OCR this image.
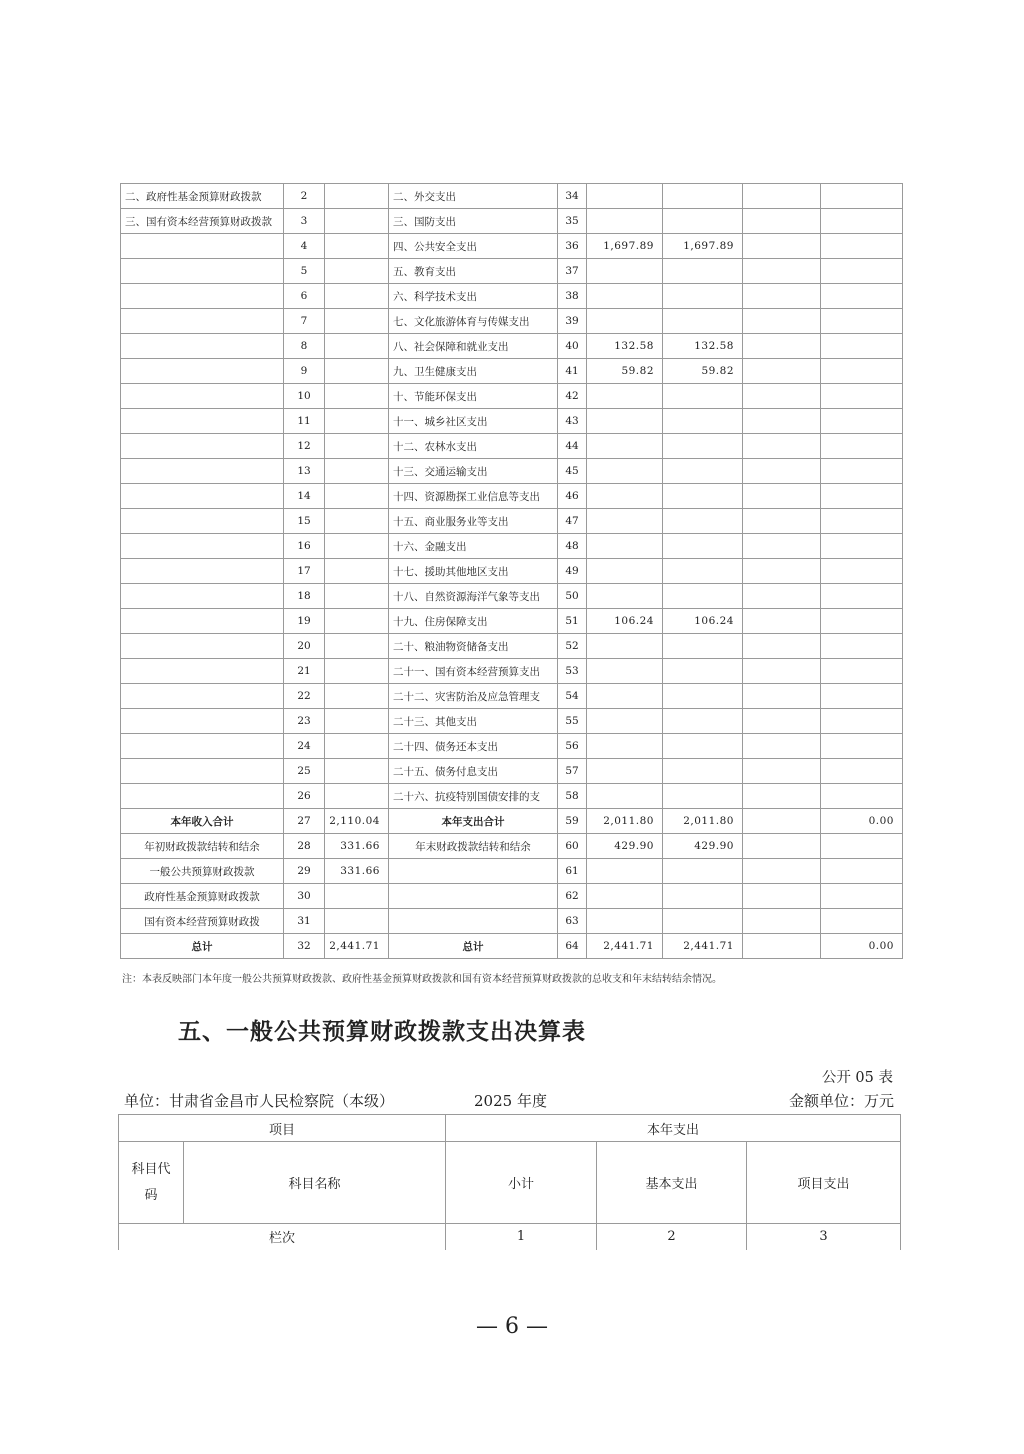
二、政府性基金预算财政拨款	2		二、外交支出	34				
三、国有资本经营预算财政拨款	3		三、国防支出	35				
	4		四、公共安全支出	36	1,697.89	1,697.89		
	5		五、教育支出	37				
	6		六、科学技术支出	38				
	7		七、文化旅游体育与传媒支出	39				
	8		八、社会保障和就业支出	40	132.58	132.58		
	9		九、卫生健康支出	41	59.82	59.82		
	10		十、节能环保支出	42				
	11		十一、城乡社区支出	43				
	12		十二、农林水支出	44				
	13		十三、交通运输支出	45				
	14		十四、资源勘探工业信息等支出	46				
	15		十五、商业服务业等支出	47				
	16		十六、金融支出	48				
	17		十七、援助其他地区支出	49				
	18		十八、自然资源海洋气象等支出	50				
	19		十九、住房保障支出	51	106.24	106.24		
	20		二十、粮油物资储备支出	52				
	21		二十一、国有资本经营预算支出	53				
	22		二十二、灾害防治及应急管理支	54				
	23		二十三、其他支出	55				
	24		二十四、债务还本支出	56				
	25		二十五、债务付息支出	57				
	26		二十六、抗疫特别国债安排的支	58				
本年收入合计	27	2,110.04	本年支出合计	59	2,011.80	2,011.80		0.00
年初财政拨款结转和结余	28	331.66	年末财政拨款结转和结余	60	429.90	429.90		
一般公共预算财政拨款	29	331.66		61				
政府性基金预算财政拨款	30			62				
国有资本经营预算财政拨	31			63				
总计	32	2,441.71	总计	64	2,441.71	2,441.71		0.00
注：本表反映部门本年度一般公共预算财政拨款、政府性基金预算财政拨款和国有资本经营预算财政拨款的总收支和年末结转结余情况。
五、一般公共预算财政拨款支出决算表
公开 05 表
单位：甘肃省金昌市人民检察院（本级）	2025 年度	金额单位：万元
项目		本年支出		
科目代码	科目名称	小计	基本支出	项目支出
栏次		1	2	3
— 6 —
